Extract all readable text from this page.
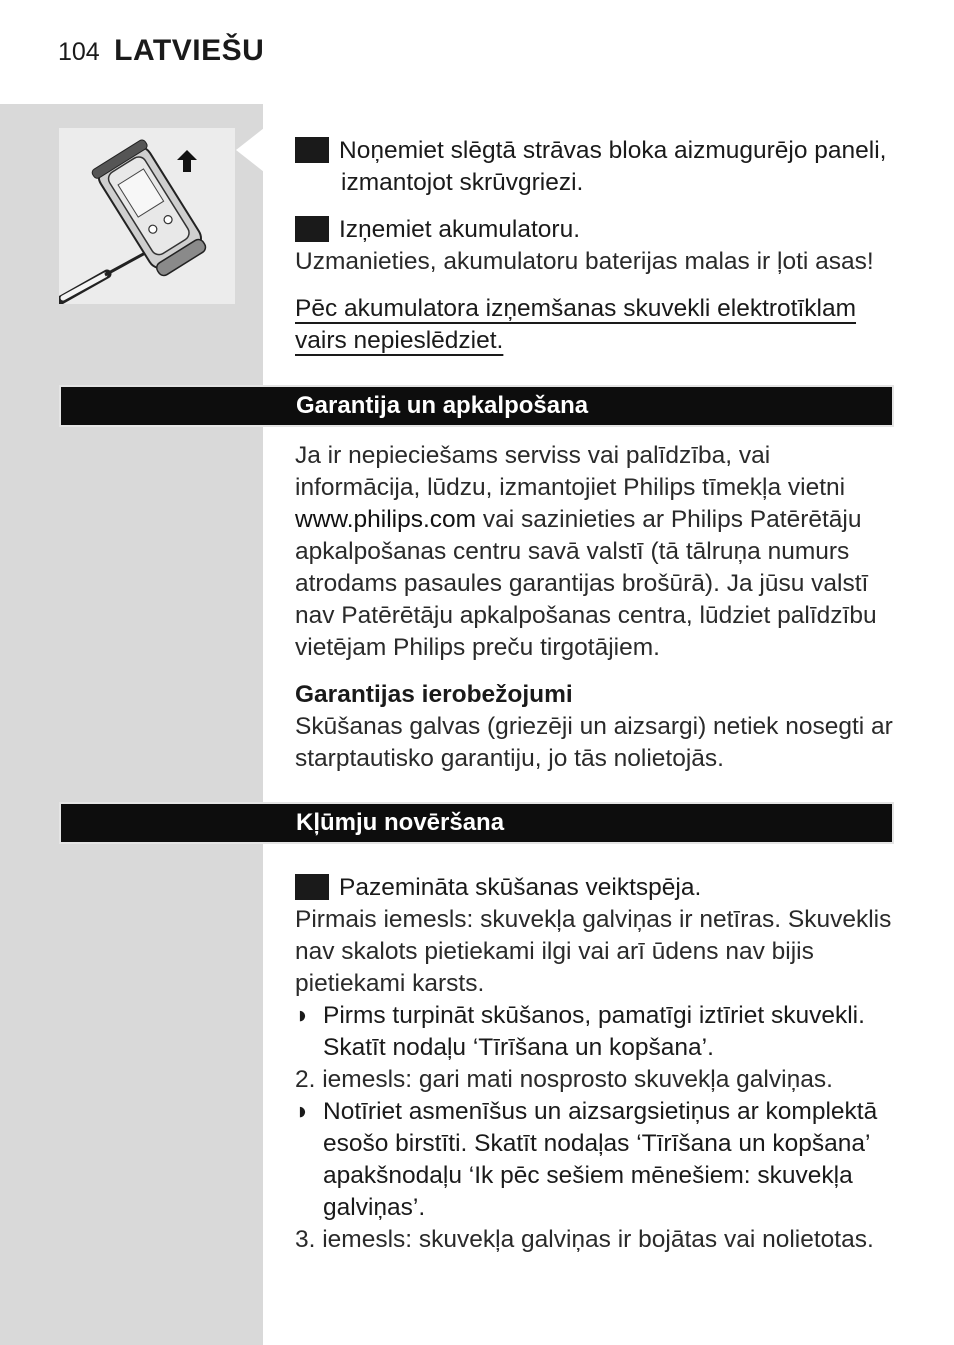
104 LATVIEŠU

6 Noņemiet slēgtā strāvas bloka aizmugurējo paneli, izmantojot skrūvgriezi.

7 Izņemiet akumulatoru.

Uzmanieties, akumulatoru baterijas malas ir ļoti asas!

Pēc akumulatora izņemšanas skuvekli elektrotīklam vairs nepieslēdziet.

Garantija un apkalpošana

Ja ir nepieciešams serviss vai palīdzība, vai informācija, lūdzu, izmantojiet Philips tīmekļa vietni www.philips.com vai sazinieties ar Philips Patērētāju apkalpošanas centru savā valstī (tā tālruņa numurs atrodams pasaules garantijas brošūrā). Ja jūsu valstī nav Patērētāju apkalpošanas centra, lūdziet palīdzību vietējam Philips preču tirgotājiem.

Garantijas ierobežojumi

Skūšanas galvas (griezēji un aizsargi) netiek nosegti ar starptautisko garantiju, jo tās nolietojās.

Kļūmju novēršana

1 Pazemināta skūšanas veiktspēja.

Pirmais iemesls: skuvekļa galviņas ir netīras. Skuveklis nav skalots pietiekami ilgi vai arī ūdens nav bijis pietiekami karsts.

◗ Pirms turpināt skūšanos, pamatīgi iztīriet skuvekli. Skatīt nodaļu ‘Tīrīšana un kopšana’.

2. iemesls: gari mati nosprosto skuvekļa galviņas.

◗ Notīriet asmenīšus un aizsargsietiņus ar komplektā esošo birstīti. Skatīt nodaļas ‘Tīrīšana un kopšana’ apakšnodaļu ‘Ik pēc sešiem mēnešiem: skuvekļa galviņas’.

3. iemesls: skuvekļa galviņas ir bojātas vai nolietotas.
